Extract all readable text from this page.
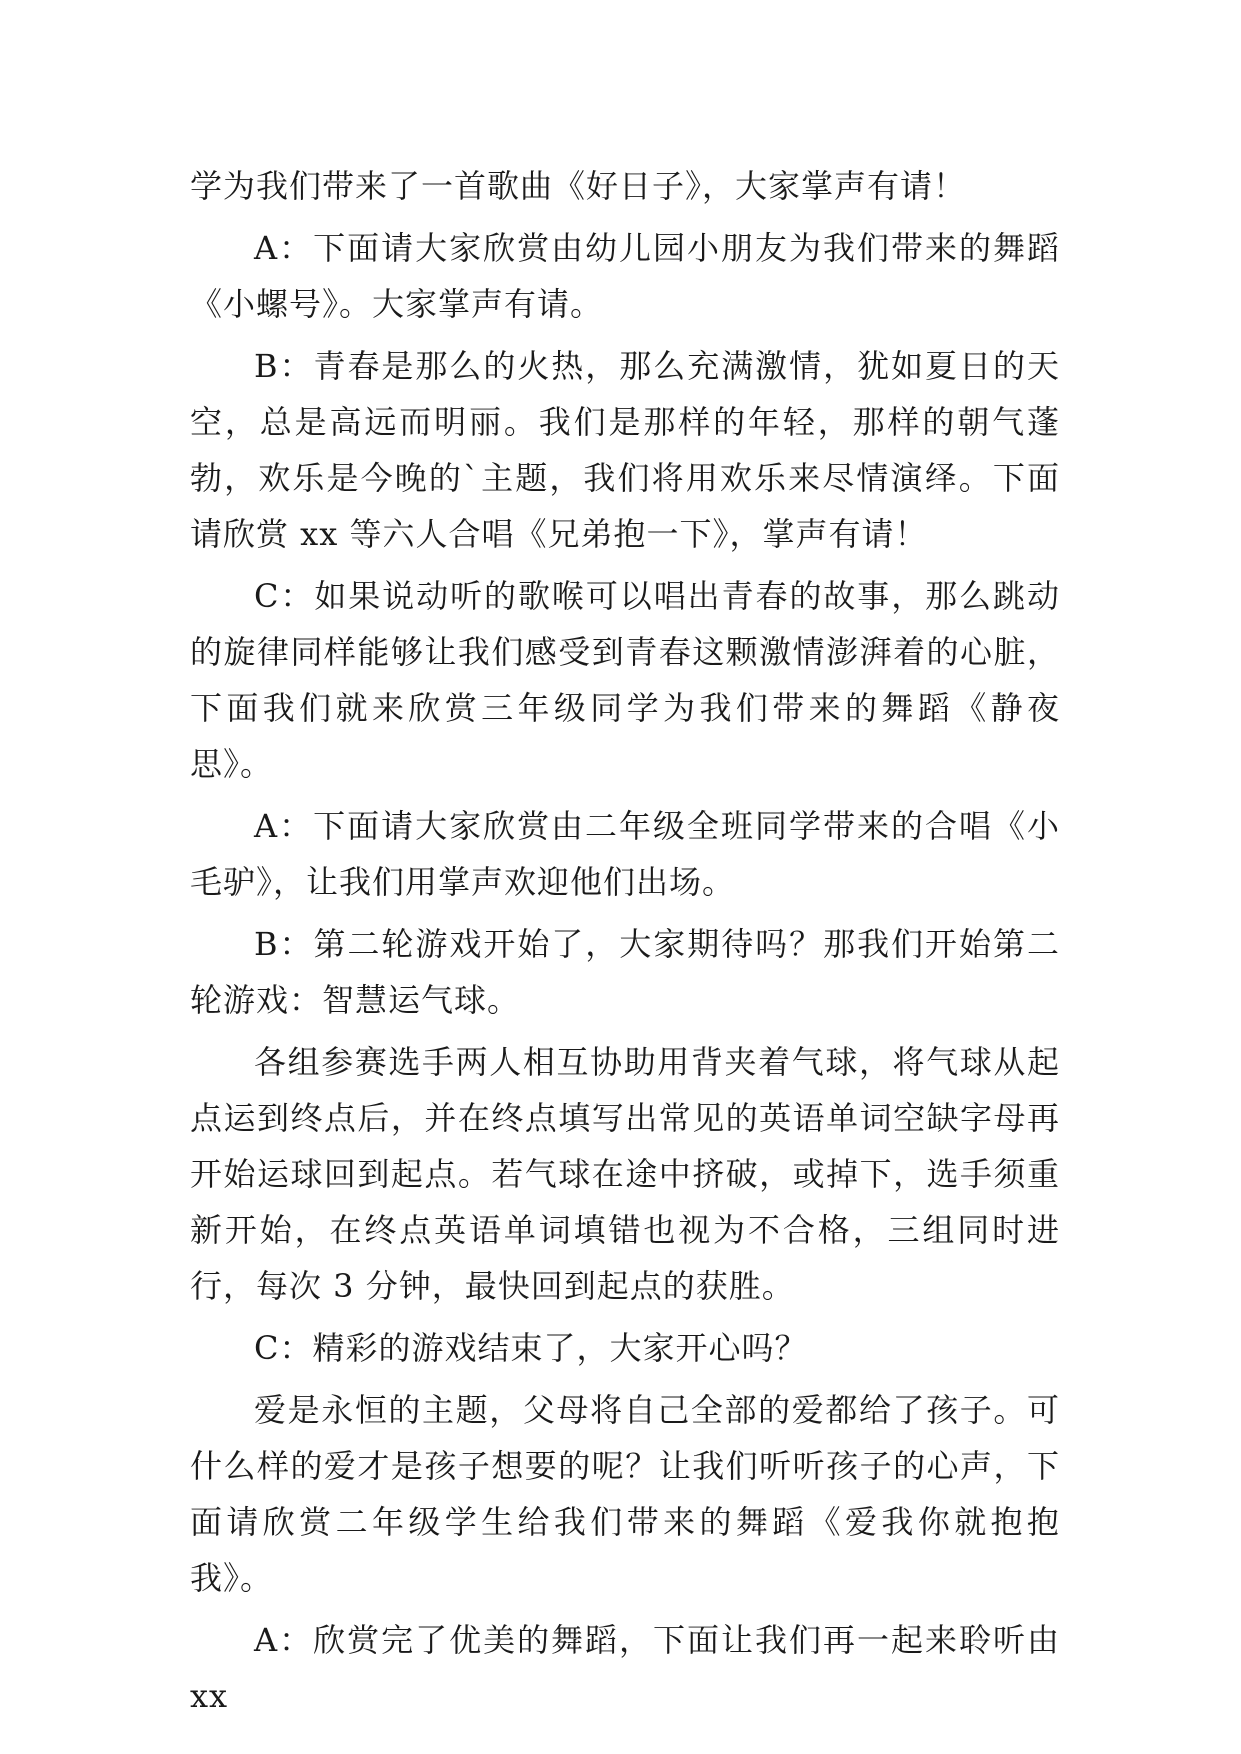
学为我们带来了一首歌曲《好日子》，大家掌声有请！

A：下面请大家欣赏由幼儿园小朋友为我们带来的舞蹈《小螺号》。大家掌声有请。

B：青春是那么的火热，那么充满激情，犹如夏日的天空，总是高远而明丽。我们是那样的年轻，那样的朝气蓬勃，欢乐是今晚的`主题，我们将用欢乐来尽情演绎。下面请欣赏 xx 等六人合唱《兄弟抱一下》，掌声有请！

C：如果说动听的歌喉可以唱出青春的故事，那么跳动的旋律同样能够让我们感受到青春这颗激情澎湃着的心脏，下面我们就来欣赏三年级同学为我们带来的舞蹈《静夜思》。

A：下面请大家欣赏由二年级全班同学带来的合唱《小毛驴》，让我们用掌声欢迎他们出场。

B：第二轮游戏开始了，大家期待吗？那我们开始第二轮游戏：智慧运气球。

各组参赛选手两人相互协助用背夹着气球，将气球从起点运到终点后，并在终点填写出常见的英语单词空缺字母再开始运球回到起点。若气球在途中挤破，或掉下，选手须重新开始，在终点英语单词填错也视为不合格，三组同时进行，每次 3 分钟，最快回到起点的获胜。

C：精彩的游戏结束了，大家开心吗？

爱是永恒的主题，父母将自己全部的爱都给了孩子。可什么样的爱才是孩子想要的呢？让我们听听孩子的心声，下面请欣赏二年级学生给我们带来的舞蹈《爱我你就抱抱我》。

A：欣赏完了优美的舞蹈，下面让我们再一起来聆听由 xx
